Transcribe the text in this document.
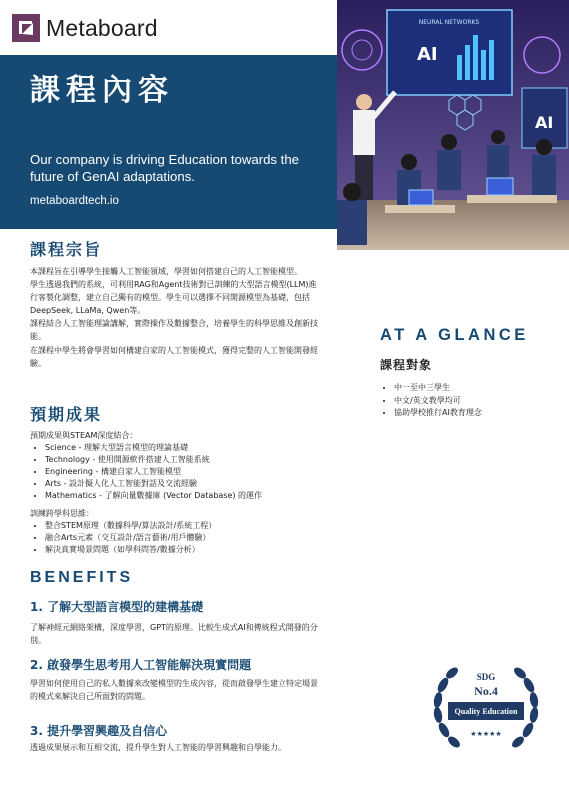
Metaboard
課程內容
Our company is driving Education towards the future of GenAI adaptations.
metaboardtech.io
NEURAL NETWORKS
AI
AI
課程宗旨

本課程旨在引導學生接觸人工智能領域，學習如何搭建自己的人工智能模型。

學生透過我們的系統，可利用RAG和Agent技術對已訓練的大型語言模型(LLM)進行客製化調整，建立自己獨有的模型。學生可以選擇不同開源模型為基礎，包括DeepSeek, LLaMa, Qwen等。

課程結合人工智能理論講解，實際操作及數據整合，培養學生的科學思維及創新技能。

在課程中學生將會學習如何構建自家的人工智能模式，獲得完整的人工智能開發經驗。

預期成果
預期成果與STEAM深度結合：
• Science - 理解大型語言模型的理論基礎
• Technology - 使用開源軟件搭建人工智能系統
• Engineering - 構建自家人工智能模型
• Arts - 設計擬人化人工智能對話及交流經驗
• Mathematics - 了解向量數據庫 (Vector Database) 的運作
訓練跨學科思維：
• 整合STEM原理（數據科學/算法設計/系統工程）
• 融合Arts元素（交互設計/語言藝術/用戶體驗）
• 解決真實場景問題（如學科問答/數據分析）
BENEFITS
1. 了解大型語言模型的建構基礎
了解神經元網絡架構，深度學習，GPT的原理。比較生成式AI和傳統程式開發的分別。
2. 啟發學生思考用人工智能解決現實問題
學習如何使用自己的私人數據來改變模型的生成內容，從而啟發學生建立特定場景的模式來解決自己所面對的問題。
3. 提升學習興趣及自信心
透過成果展示和互相交流，提升學生對人工智能的學習興趣和自學能力。
AT A GLANCE
課程對象
• 中一至中三學生
• 中文/英文教學均可
• 協助學校推行AI教育理念
SDG
No.4
Quality Education
★★★★★
